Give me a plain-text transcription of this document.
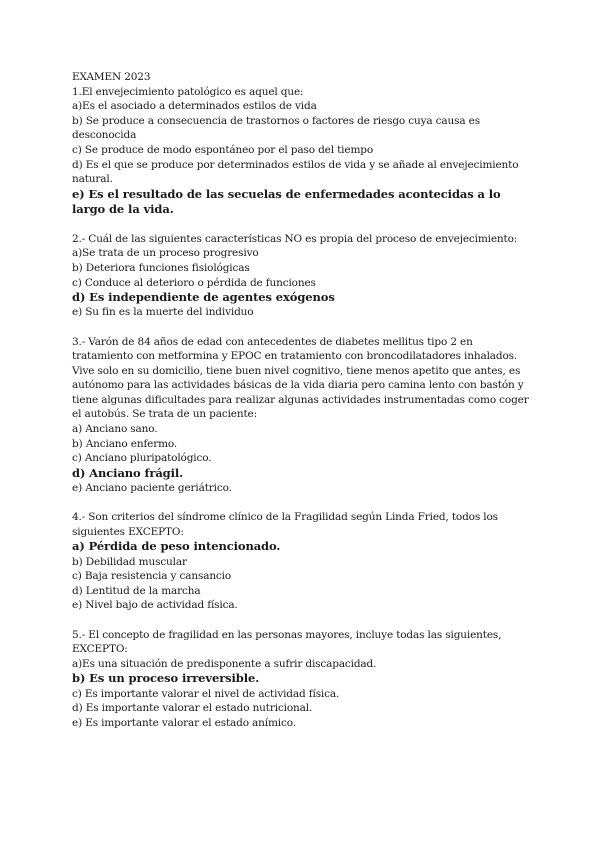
EXAMEN 2023
1.El envejecimiento patológico es aquel que:
a)Es el asociado a determinados estilos de vida
b) Se produce a consecuencia de trastornos o factores de riesgo cuya causa es desconocida
c) Se produce de modo espontáneo por el paso del tiempo
d) Es el que se produce por determinados estilos de vida y se añade al envejecimiento natural.
e) Es el resultado de las secuelas de enfermedades acontecidas a lo largo de la vida.
2.- Cuál de las siguientes características NO es propia del proceso de envejecimiento:
a)Se trata de un proceso progresivo
b) Deteriora funciones fisiológicas
c) Conduce al deterioro o pérdida de funciones
d) Es independiente de agentes exógenos
e) Su fin es la muerte del individuo
3.- Varón de 84 años de edad con antecedentes de diabetes mellitus tipo 2 en tratamiento con metformina y EPOC en tratamiento con broncodilatadores inhalados. Vive solo en su domicilio, tiene buen nivel cognitivo, tiene menos apetito que antes, es autónomo para las actividades básicas de la vida diaria pero camina lento con bastón y tiene algunas dificultades para realizar algunas actividades instrumentadas como coger el autobús. Se trata de un paciente:
a) Anciano sano.
b) Anciano enfermo.
c) Anciano pluripatológico.
d) Anciano frágil.
e) Anciano paciente geriátrico.
4.- Son criterios del síndrome clínico de la Fragilidad según Linda Fried, todos los siguientes EXCEPTO:
a) Pérdida de peso intencionado.
b) Debilidad muscular
c) Baja resistencia y cansancio
d) Lentitud de la marcha
e) Nivel bajo de actividad física.
5.- El concepto de fragilidad en las personas mayores, incluye todas las siguientes, EXCEPTO:
a)Es una situación de predisponente a sufrir discapacidad.
b) Es un proceso irreversible.
c) Es importante valorar el nivel de actividad física.
d) Es importante valorar el estado nutricional.
e) Es importante valorar el estado anímico.
